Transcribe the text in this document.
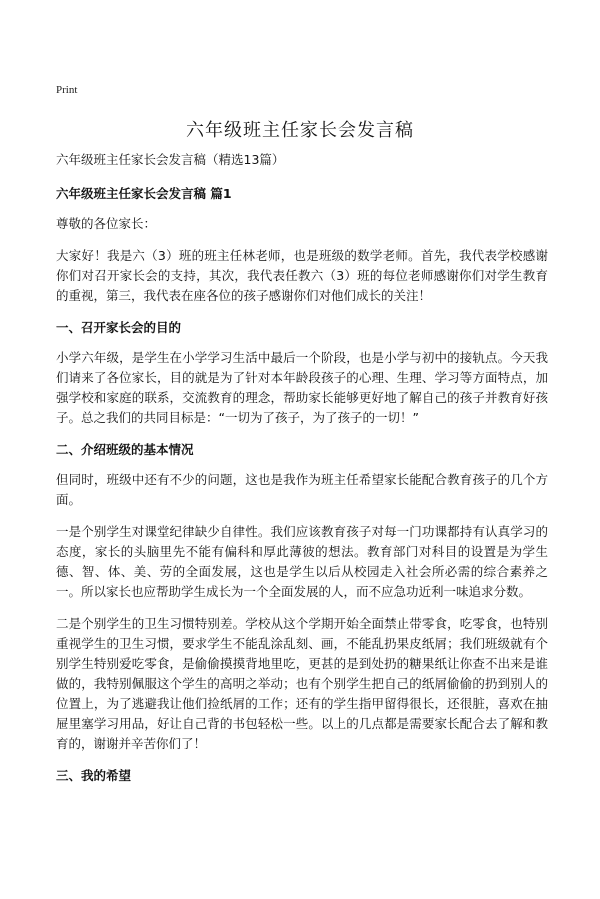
Print
六年级班主任家长会发言稿

六年级班主任家长会发言稿（精选13篇）

六年级班主任家长会发言稿 篇1

尊敬的各位家长：

大家好！我是六（3）班的班主任林老师，也是班级的数学老师。首先，我代表学校感谢你们对召开家长会的支持，其次，我代表任教六（3）班的每位老师感谢你们对学生教育的重视，第三，我代表在座各位的孩子感谢你们对他们成长的关注！

一、召开家长会的目的

小学六年级，是学生在小学学习生活中最后一个阶段，也是小学与初中的接轨点。今天我们请来了各位家长，目的就是为了针对本年龄段孩子的心理、生理、学习等方面特点，加强学校和家庭的联系，交流教育的理念，帮助家长能够更好地了解自己的孩子并教育好孩子。总之我们的共同目标是：“一切为了孩子，为了孩子的一切！”

二、介绍班级的基本情况

但同时，班级中还有不少的问题，这也是我作为班主任希望家长能配合教育孩子的几个方面。

一是个别学生对课堂纪律缺少自律性。我们应该教育孩子对每一门功课都持有认真学习的态度，家长的头脑里先不能有偏科和厚此薄彼的想法。教育部门对科目的设置是为学生德、智、体、美、劳的全面发展，这也是学生以后从校园走入社会所必需的综合素养之一。所以家长也应帮助学生成长为一个全面发展的人，而不应急功近利一味追求分数。

二是个别学生的卫生习惯特别差。学校从这个学期开始全面禁止带零食，吃零食，也特别重视学生的卫生习惯，要求学生不能乱涂乱刻、画，不能乱扔果皮纸屑；我们班级就有个别学生特别爱吃零食，是偷偷摸摸背地里吃，更甚的是到处扔的糖果纸让你查不出来是谁做的，我特别佩服这个学生的高明之举动；也有个别学生把自己的纸屑偷偷的扔到别人的位置上，为了逃避我让他们捡纸屑的工作；还有的学生指甲留得很长，还很脏，喜欢在抽屉里塞学习用品，好让自己背的书包轻松一些。以上的几点都是需要家长配合去了解和教育的，谢谢并辛苦你们了！

三、我的希望
